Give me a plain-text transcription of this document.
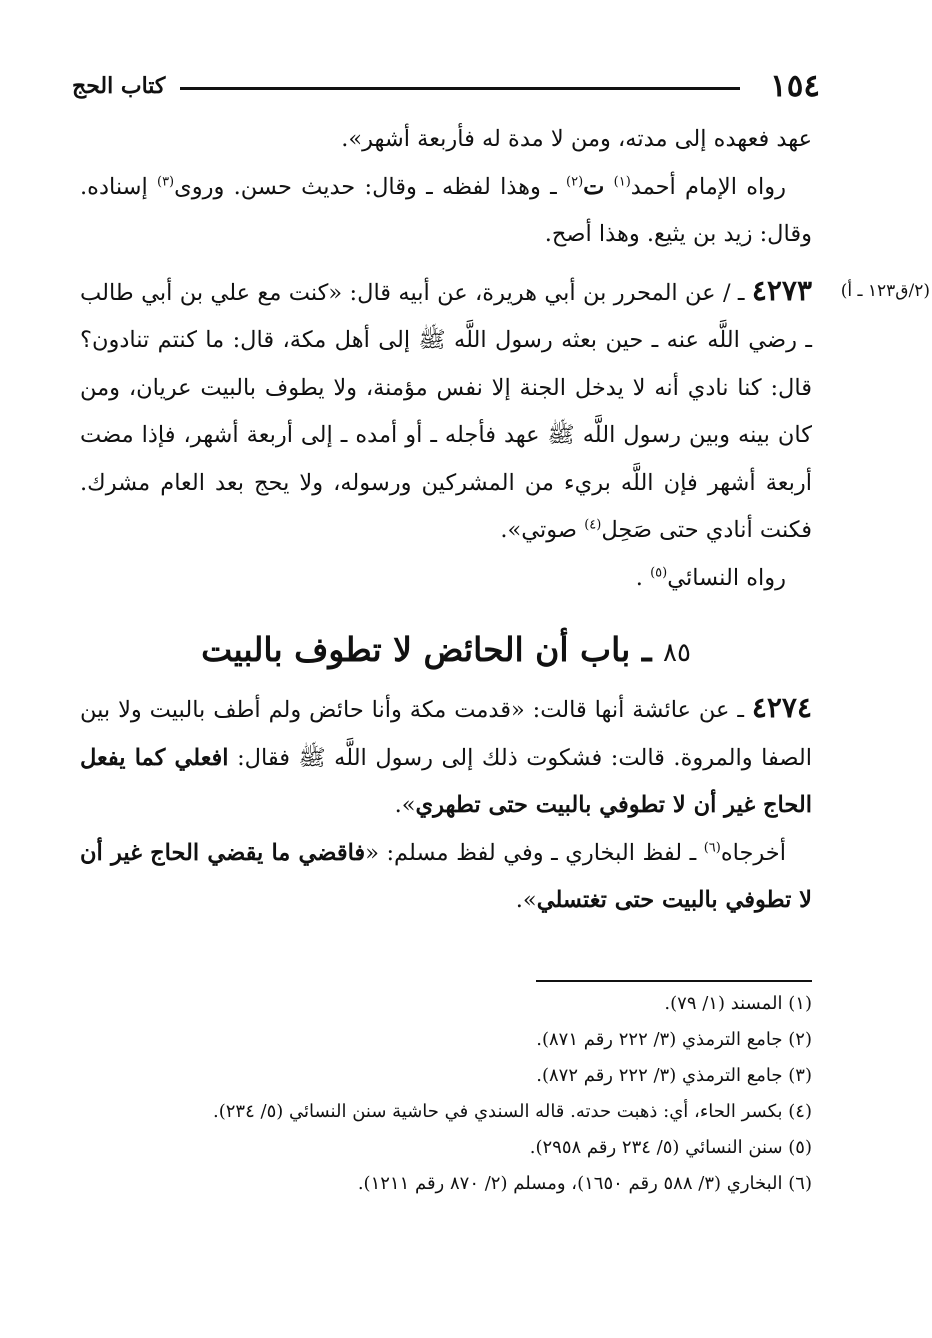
١٥٤
كتاب الحج
(٢/ق١٢٣ ـ أ)

عهد فعهده إلى مدته، ومن لا مدة له فأربعة أشهر».

رواه الإمام أحمد$^{(١)}$ ت$^{(٢)}$ ـ وهذا لفظه ـ وقال: حديث حسن. وروى$^{(٣)}$ إسناده. وقال: زيد بن يثيع. وهذا أصح.

٤٢٧٣ ـ / عن المحرر بن أبي هريرة، عن أبيه قال: «كنت مع علي بن أبي طالب ـ رضي اللَّه عنه ـ حين بعثه رسول اللَّه ﷺ إلى أهل مكة، قال: ما كنتم تنادون؟ قال: كنا نادي أنه لا يدخل الجنة إلا نفس مؤمنة، ولا يطوف بالبيت عريان، ومن كان بينه وبين رسول اللَّه ﷺ عهد فأجله ـ أو أمده ـ إلى أربعة أشهر، فإذا مضت أربعة أشهر فإن اللَّه بريء من المشركين ورسوله، ولا يحج بعد العام مشرك. فكنت أنادي حتى صَحِل$^{(٤)}$ صوتي».

رواه النسائي$^{(٥)}$ .

٨٥ ـ باب أن الحائض لا تطوف بالبيت

٤٢٧٤ ـ عن عائشة أنها قالت: «قدمت مكة وأنا حائض ولم أطف بالبيت ولا بين الصفا والمروة. قالت: فشكوت ذلك إلى رسول اللَّه ﷺ فقال: افعلي كما يفعل الحاج غير أن لا تطوفي بالبيت حتى تطهري».

أخرجاه$^{(٦)}$ ـ لفظ البخاري ـ وفي لفظ مسلم: «فاقضي ما يقضي الحاج غير أن لا تطوفي بالبيت حتى تغتسلي».

(١) المسند (١/ ٧٩).
(٢) جامع الترمذي (٣/ ٢٢٢ رقم ٨٧١).
(٣) جامع الترمذي (٣/ ٢٢٢ رقم ٨٧٢).
(٤) بكسر الحاء، أي: ذهبت حدته. قاله السندي في حاشية سنن النسائي (٥/ ٢٣٤).
(٥) سنن النسائي (٥/ ٢٣٤ رقم ٢٩٥٨).
(٦) البخاري (٣/ ٥٨٨ رقم ١٦٥٠)، ومسلم (٢/ ٨٧٠ رقم ١٢١١).
